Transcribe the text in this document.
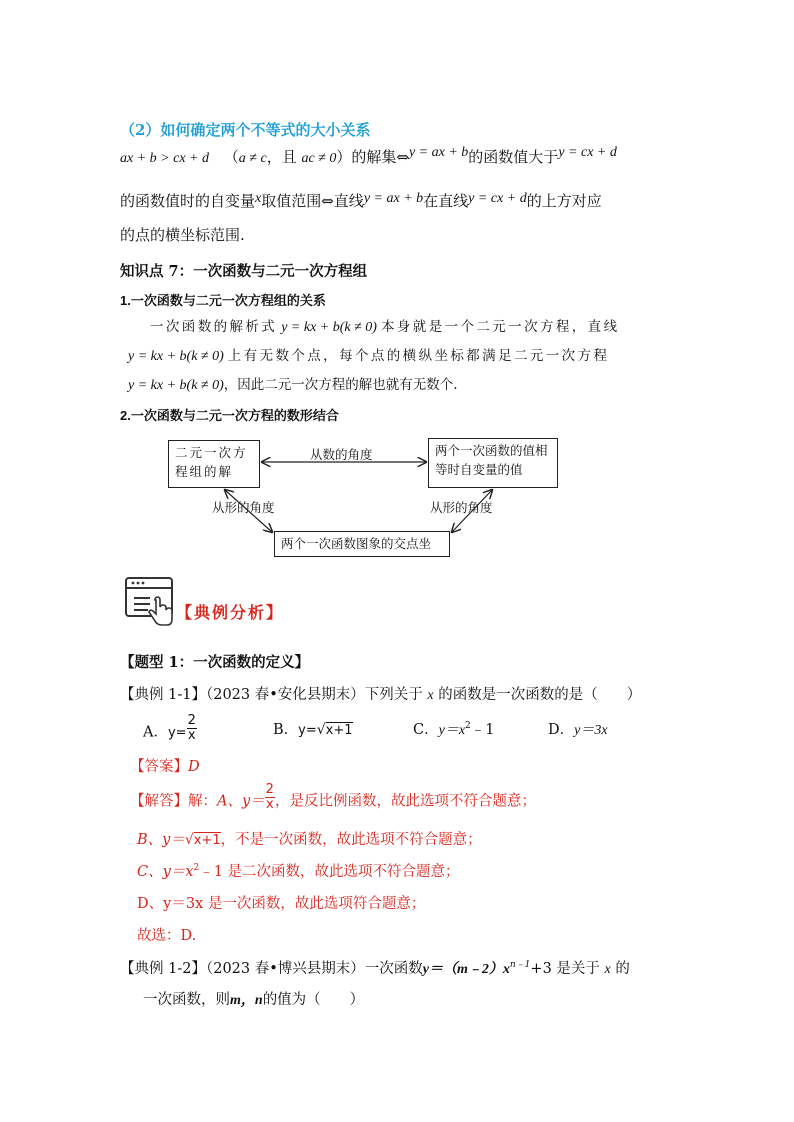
（2）如何确定两个不等式的大小关系
ax + b > cx + d （a ≠ c，且 ac ≠ 0）的解集⇔y = ax + b的函数值大于y = cx + d
的函数值时的自变量x取值范围⇔直线y = ax + b在直线y = cx + d的上方对应
的点的横坐标范围.
知识点 7：一次函数与二元一次方程组
1.一次函数与二元一次方程组的关系
一次函数的解析式 y = kx + b(k ≠ 0) 本身就是一个二元一次方程，直线
y = kx + b(k ≠ 0) 上有无数个点，每个点的横纵坐标都满足二元一次方程
y = kx + b(k ≠ 0)，因此二元一次方程的解也就有无数个.
2.一次函数与二元一次方程的数形结合
二元一次方程组的解
两个一次函数的值相等时自变量的值
两个一次函数图象的交点坐
从数的角度
从形的角度	从形的角度
【典例分析】
【题型 1：一次函数的定义】
【典例 1-1】（2023 春•安化县期末）下列关于 x 的函数是一次函数的是（　　）
A．$y= \frac{2}{x}$	B．y=√x+1	C．$y=x^2﹣1$	D．y＝3x
【答案】D
【解答】解：A、$y= \frac{2}{x}$ ，是反比例函数，故此选项不符合题意；
B、y＝√x+1，不是一次函数，故此选项不符合题意；
C、$y=x^2﹣1$ 是二次函数，故此选项不符合题意；
D、y＝3x 是一次函数，故此选项符合题意；
故选：D.
【典例 1-2】（2023 春•博兴县期末）一次函数$y=(m﹣2)x^{n﹣1}+3$ 是关于 x 的
一次函数，则m，n的值为（　　）
